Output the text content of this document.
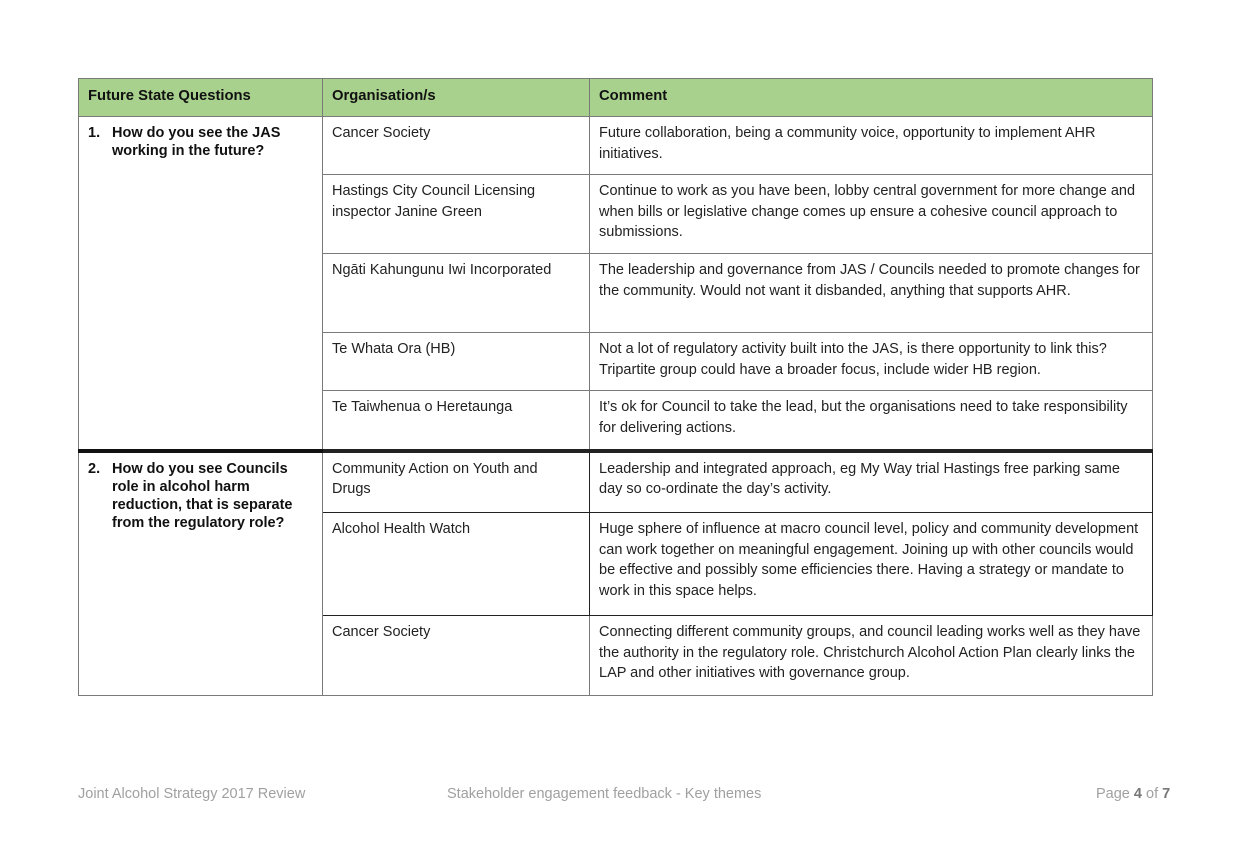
Future State Questions	Organisation/s	Comment
1. How do you see the JAS working in the future?	Cancer Society	Future collaboration, being a community voice, opportunity to implement AHR initiatives.
	Hastings City Council Licensing inspector Janine Green	Continue to work as you have been, lobby central government for more change and when bills or legislative change comes up ensure a cohesive council approach to submissions.
	Ngāti Kahungunu Iwi Incorporated	The leadership and governance from JAS / Councils needed to promote changes for the community. Would not want it disbanded, anything that supports AHR.
	Te Whata Ora (HB)	Not a lot of regulatory activity built into the JAS, is there opportunity to link this? Tripartite group could have a broader focus, include wider HB region.
	Te Taiwhenua o Heretaunga	It’s ok for Council to take the lead, but the organisations need to take responsibility for delivering actions.
2. How do you see Councils role in alcohol harm reduction, that is separate from the regulatory role?	Community Action on Youth and Drugs	Leadership and integrated approach, eg My Way trial Hastings free parking same day so co-ordinate the day’s activity.
	Alcohol Health Watch	Huge sphere of influence at macro council level, policy and community development can work together on meaningful engagement. Joining up with other councils would be effective and possibly some efficiencies there. Having a strategy or mandate to work in this space helps.
	Cancer Society	Connecting different community groups, and council leading works well as they have the authority in the regulatory role. Christchurch Alcohol Action Plan clearly links the LAP and other initiatives with governance group.
Joint Alcohol Strategy 2017 Review	Stakeholder engagement feedback - Key themes	Page 4 of 7
